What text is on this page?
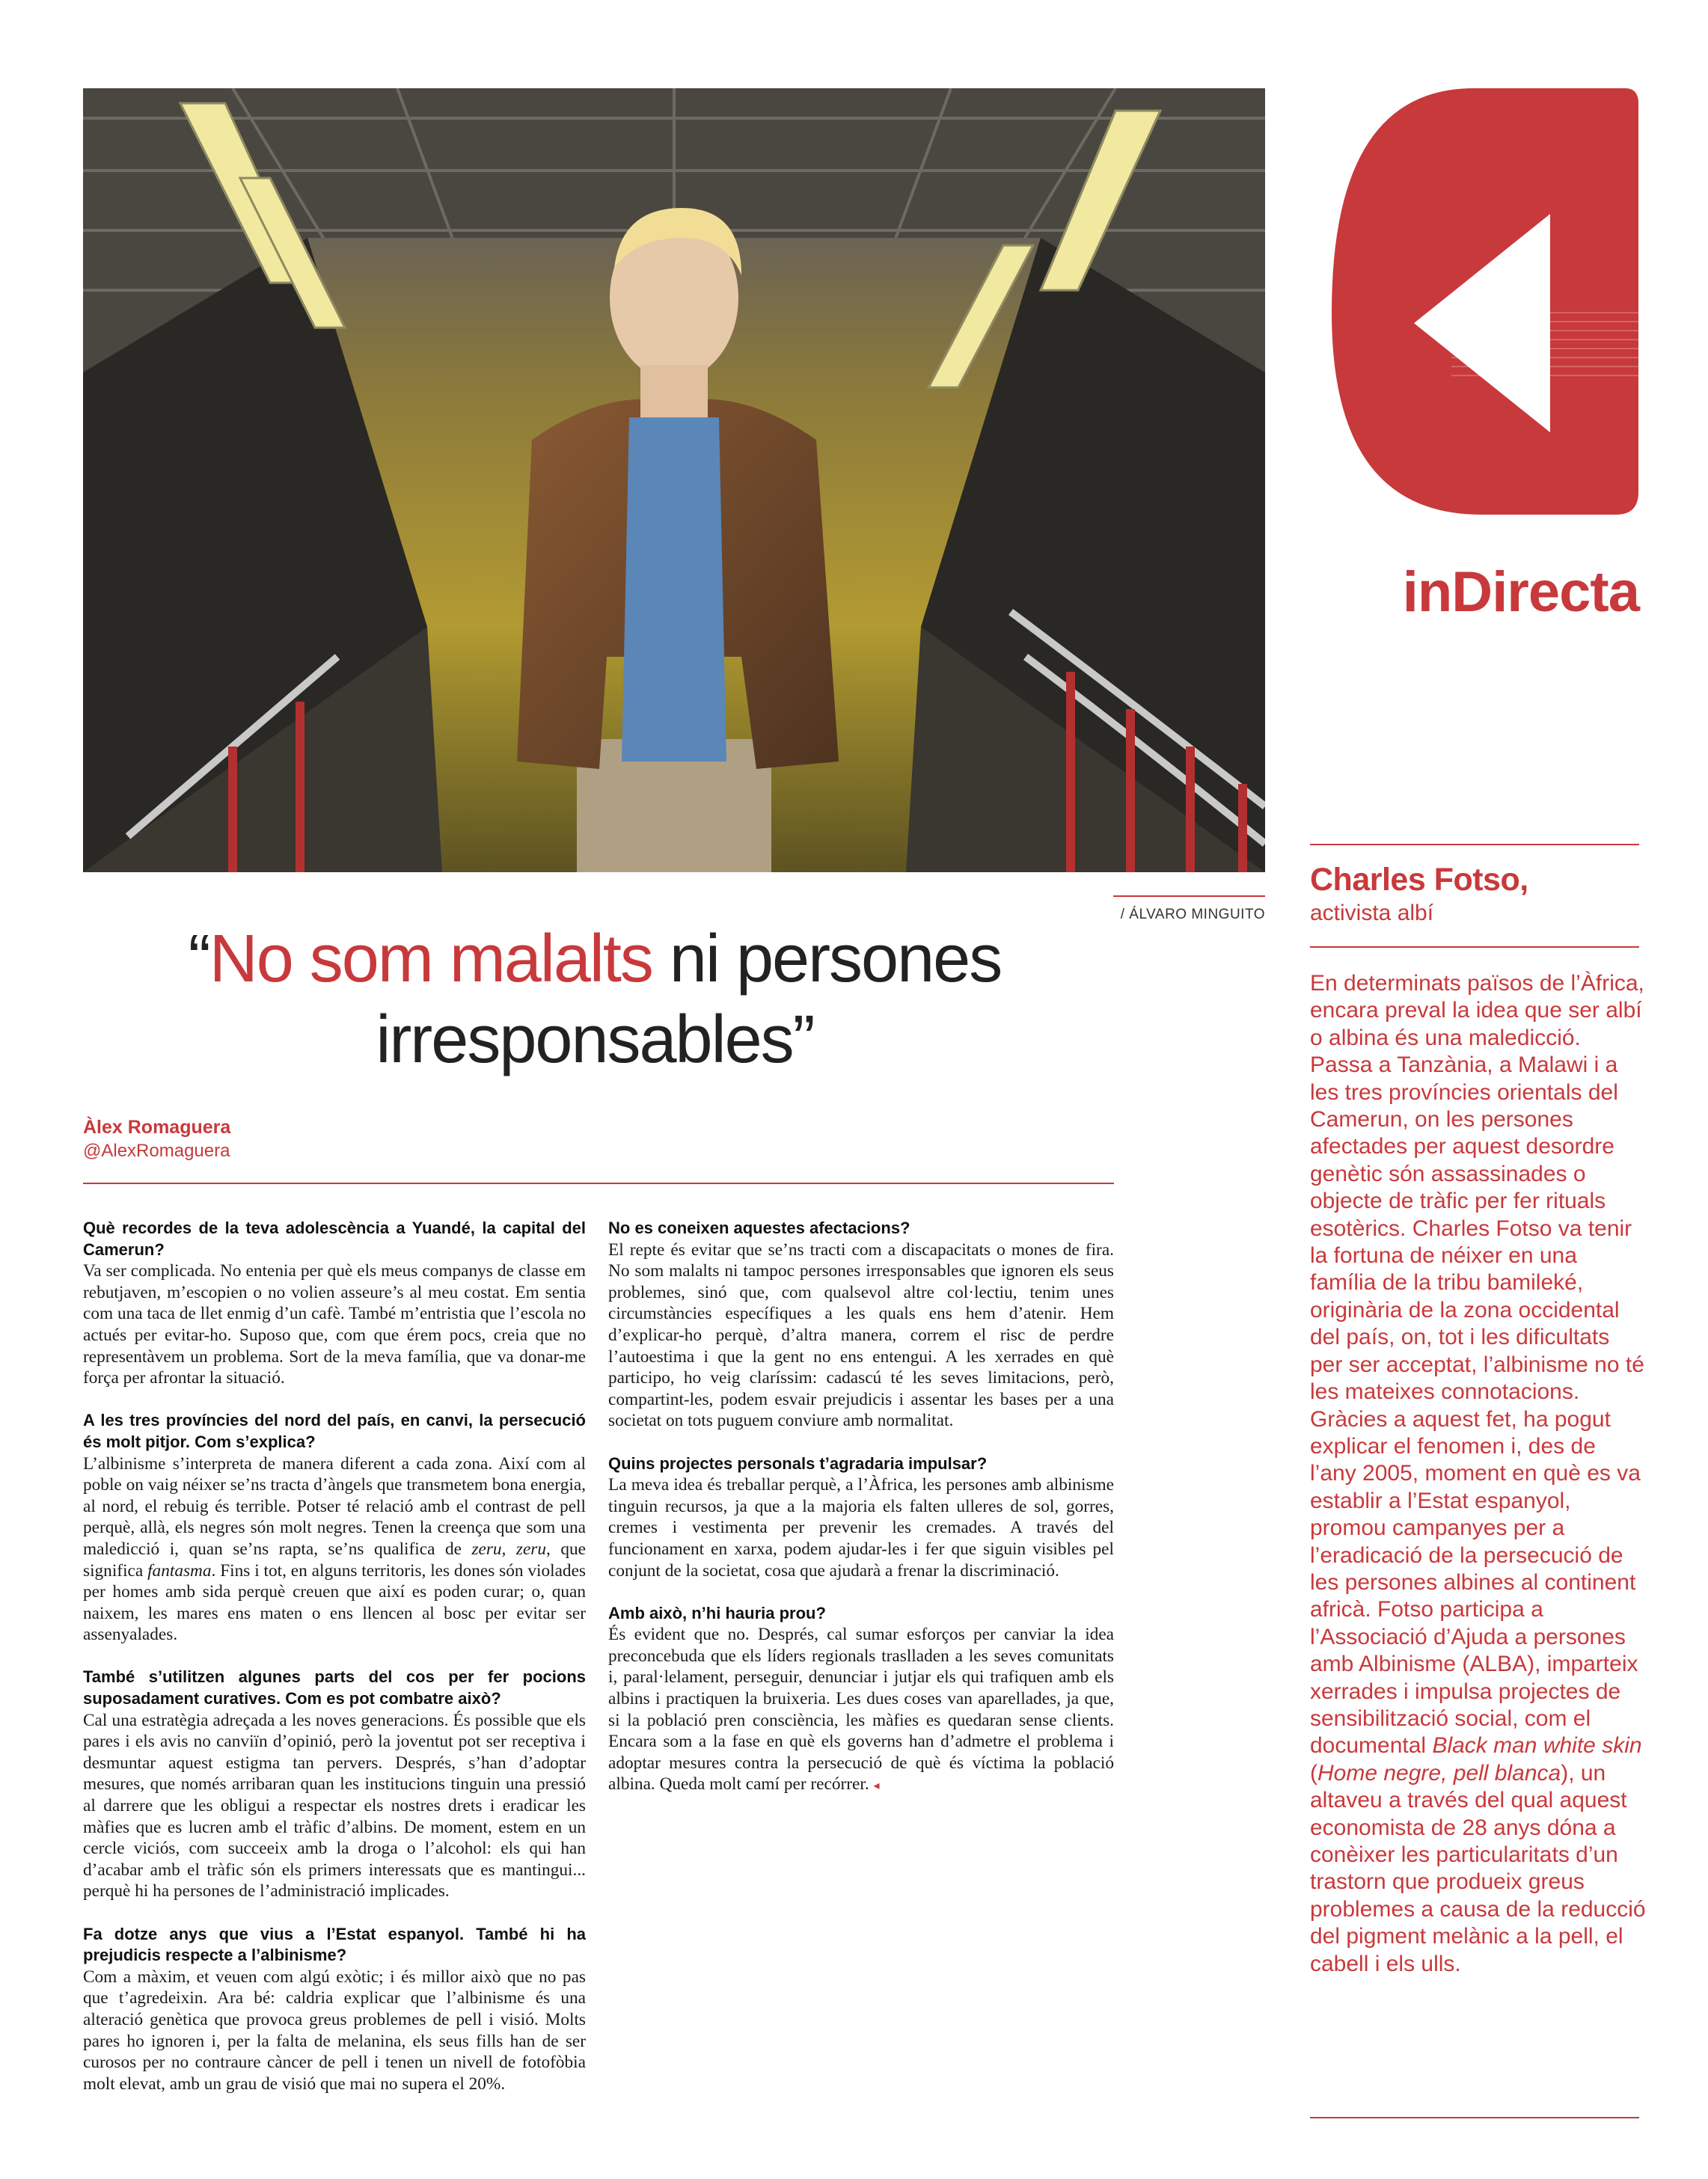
/ ÁLVARO MINGUITO
“No som malalts ni persones irresponsables”
Àlex Romaguera
@AlexRomaguera

Què recordes de la teva adolescència a Yuandé, la capital del Camerun?
Va ser complicada. No entenia per què els meus companys de classe em rebutjaven, m’escopien o no volien asseure’s al meu costat. Em sentia com una taca de llet enmig d’un cafè. També m’entristia que l’escola no actués per evitar-ho. Suposo que, com que érem pocs, creia que no representàvem un problema. Sort de la meva família, que va donar-me força per afrontar la situació.

A les tres províncies del nord del país, en canvi, la persecució és molt pitjor. Com s’explica?
L’albinisme s’interpreta de manera diferent a cada zona. Així com al poble on vaig néixer se’ns tracta d’àngels que transmetem bona energia, al nord, el rebuig és terrible. Potser té relació amb el contrast de pell perquè, allà, els negres són molt negres. Tenen la creença que som una maledicció i, quan se’ns rapta, se’ns qualifica de zeru, zeru, que significa fantasma. Fins i tot, en alguns territoris, les dones són violades per homes amb sida perquè creuen que així es poden curar; o, quan naixem, les mares ens maten o ens llencen al bosc per evitar ser assenyalades.

També s’utilitzen algunes parts del cos per fer pocions suposadament curatives. Com es pot combatre això?
Cal una estratègia adreçada a les noves generacions. És possible que els pares i els avis no canviïn d’opinió, però la joventut pot ser receptiva i desmuntar aquest estigma tan pervers. Després, s’han d’adoptar mesures, que només arribaran quan les institucions tinguin una pressió al darrere que les obligui a respectar els nostres drets i eradicar les màfies que es lucren amb el tràfic d’albins. De moment, estem en un cercle viciós, com succeeix amb la droga o l’alcohol: els qui han d’acabar amb el tràfic són els primers interessats que es mantingui... perquè hi ha persones de l’administració implicades.

Fa dotze anys que vius a l’Estat espanyol. També hi ha prejudicis respecte a l’albinisme?
Com a màxim, et veuen com algú exòtic; i és millor això que no pas que t’agredeixin. Ara bé: caldria explicar que l’albinisme és una alteració genètica que provoca greus problemes de pell i visió. Molts pares ho ignoren i, per la falta de melanina, els seus fills han de ser curosos per no contraure càncer de pell i tenen un nivell de fotofòbia molt elevat, amb un grau de visió que mai no supera el 20%.

No es coneixen aquestes afectacions?
El repte és evitar que se’ns tracti com a discapacitats o mones de fira. No som malalts ni tampoc persones irresponsables que ignoren els seus problemes, sinó que, com qualsevol altre col·lectiu, tenim unes circumstàncies específiques a les quals ens hem d’atenir. Hem d’explicar-ho perquè, d’altra manera, correm el risc de perdre l’autoestima i que la gent no ens entengui. A les xerrades en què participo, ho veig claríssim: cadascú té les seves limitacions, però, compartint-les, podem esvair prejudicis i assentar les bases per a una societat on tots puguem conviure amb normalitat.

Quins projectes personals t’agradaria impulsar?
La meva idea és treballar perquè, a l’Àfrica, les persones amb albinisme tinguin recursos, ja que a la majoria els falten ulleres de sol, gorres, cremes i vestimenta per prevenir les cremades. A través del funcionament en xarxa, podem ajudar-les i fer que siguin visibles pel conjunt de la societat, cosa que ajudarà a frenar la discriminació.

Amb això, n’hi hauria prou?
És evident que no. Després, cal sumar esforços per canviar la idea preconcebuda que els líders regionals traslladen a les seves comunitats i, paral·lelament, perseguir, denunciar i jutjar els qui trafiquen amb els albins i practiquen la bruixeria. Les dues coses van aparellades, ja que, si la població pren consciència, les màfies es quedaran sense clients. Encara som a la fase en què els governs han d’admetre el problema i adoptar mesures contra la persecució de què és víctima la població albina. Queda molt camí per recórrer. ◂

inDirecta
Charles Fotso,
activista albí
En determinats països de l’Àfrica, encara preval la idea que ser albí o albina és una maledicció. Passa a Tanzània, a Malawi i a les tres províncies orientals del Camerun, on les persones afectades per aquest desordre genètic són assassinades o objecte de tràfic per fer rituals esotèrics. Charles Fotso va tenir la fortuna de néixer en una família de la tribu bamileké, originària de la zona occidental del país, on, tot i les dificultats per ser acceptat, l’albinisme no té les mateixes connotacions. Gràcies a aquest fet, ha pogut explicar el fenomen i, des de l’any 2005, moment en què es va establir a l’Estat espanyol, promou campanyes per a l’eradicació de la persecució de les persones albines al continent africà. Fotso participa a l’Associació d’Ajuda a persones amb Albinisme (ALBA), imparteix xerrades i impulsa projectes de sensibilització social, com el documental Black man white skin (Home negre, pell blanca), un altaveu a través del qual aquest economista de 28 anys dóna a conèixer les particularitats d’un trastorn que produeix greus problemes a causa de la reducció del pigment melànic a la pell, el cabell i els ulls.
